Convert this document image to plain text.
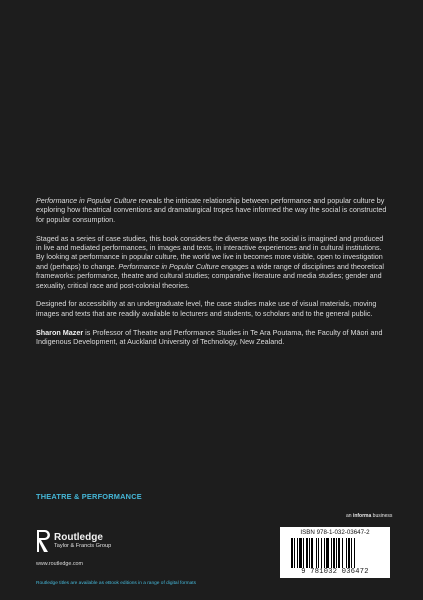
Performance in Popular Culture reveals the intricate relationship between performance and popular culture by exploring how theatrical conventions and dramaturgical tropes have informed the way the social is constructed for popular consumption.

Staged as a series of case studies, this book considers the diverse ways the social is imagined and produced in live and mediated performances, in images and texts, in interactive experiences and in cultural institutions. By looking at performance in popular culture, the world we live in becomes more visible, open to investigation and (perhaps) to change. Performance in Popular Culture engages a wide range of disciplines and theoretical frameworks: performance, theatre and cultural studies; comparative literature and media studies; gender and sexuality, critical race and post-colonial theories.

Designed for accessibility at an undergraduate level, the case studies make use of visual materials, moving images and texts that are readily available to lecturers and students, to scholars and to the general public.

Sharon Mazer is Professor of Theatre and Performance Studies in Te Ara Poutama, the Faculty of Māori and Indigenous Development, at Auckland University of Technology, New Zealand.

THEATRE & PERFORMANCE
Routledge
Taylor & Francis Group
www.routledge.com
Routledge titles are available as eBook editions in a range of digital formats
an informa business
ISBN 978-1-032-03647-2
9 781032 036472
